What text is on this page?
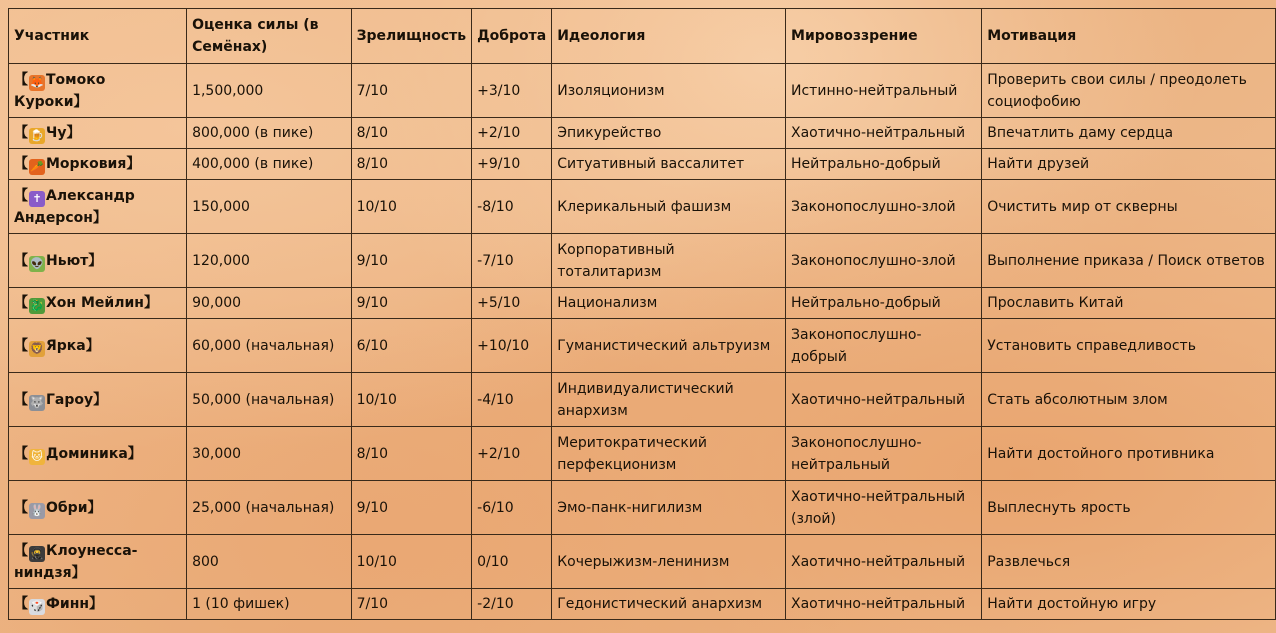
Участник	Оценка силы (в Семёнах)	Зрелищность	Доброта	Идеология	Мировоззрение	Мотивация
【 🦊 Томоко Куроки】	1,500,000	7/10	+3/10	Изоляционизм	Истинно-нейтральный	Проверить свои силы / преодолеть социофобию
【 🍺 Чу】	800,000 (в пике)	8/10	+2/10	Эпикурейство	Хаотично-нейтральный	Впечатлить даму сердца
【 🥕 Морковия】	400,000 (в пике)	8/10	+9/10	Ситуативный вассалитет	Нейтрально-добрый	Найти друзей
【 ✝ Александр Андерсон】	150,000	10/10	-8/10	Клерикальный фашизм	Законопослушно-злой	Очистить мир от скверны
【 👽 Ньют】	120,000	9/10	-7/10	Корпоративный тоталитаризм	Законопослушно-злой	Выполнение приказа / Поиск ответов
【 🐉 Хон Мейлин】	90,000	9/10	+5/10	Национализм	Нейтрально-добрый	Прославить Китай
【 🦁 Ярка】	60,000 (начальная)	6/10	+10/10	Гуманистический альтруизм	Законопослушно-добрый	Установить справедливость
【 🐺 Гароу】	50,000 (начальная)	10/10	-4/10	Индивидуалистический анархизм	Хаотично-нейтральный	Стать абсолютным злом
【 🐱 Доминика】	30,000	8/10	+2/10	Меритократический перфекционизм	Законопослушно-нейтральный	Найти достойного противника
【 🐰 Обри】	25,000 (начальная)	9/10	-6/10	Эмо-панк-нигилизм	Хаотично-нейтральный (злой)	Выплеснуть ярость
【 🥷 Клоунесса-ниндзя】	800	10/10	0/10	Кочерыжизм-ленинизм	Хаотично-нейтральный	Развлечься
【 🎲 Финн】	1 (10 фишек)	7/10	-2/10	Гедонистический анархизм	Хаотично-нейтральный	Найти достойную игру
